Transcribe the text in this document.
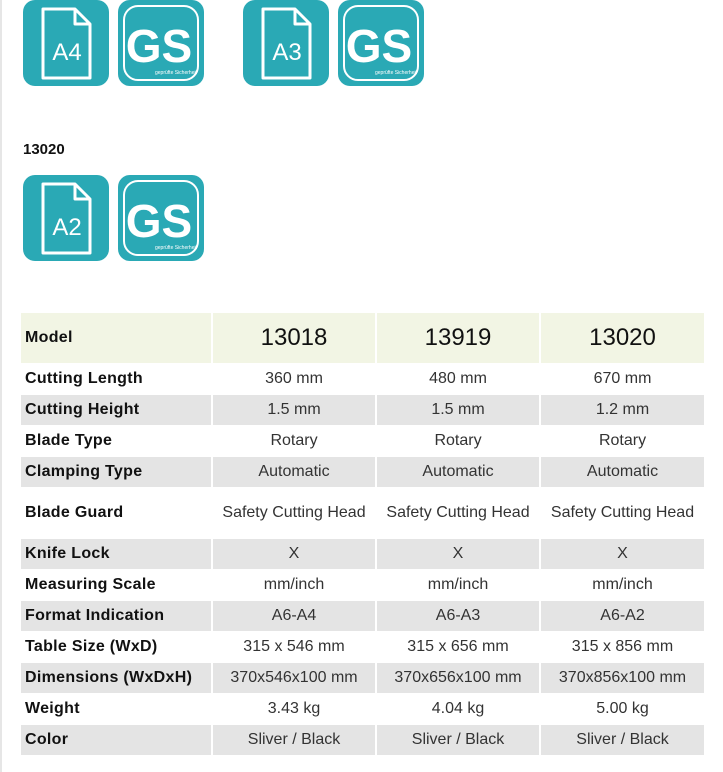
A4 GS
geprüfte Sicherheit
A3 GS
geprüfte Sicherheit
13020
A2 GS
geprüfte Sicherheit
Model	13018	13919	13020
Cutting Length	360 mm	480 mm	670 mm
Cutting Height	1.5 mm	1.5 mm	1.2 mm
Blade Type	Rotary	Rotary	Rotary
Clamping Type	Automatic	Automatic	Automatic
Blade Guard	Safety Cutting Head	Safety Cutting Head	Safety Cutting Head
Knife Lock	X	X	X
Measuring Scale	mm/inch	mm/inch	mm/inch
Format Indication	A6-A4	A6-A3	A6-A2
Table Size (WxD)	315 x 546 mm	315 x 656 mm	315 x 856 mm
Dimensions (WxDxH)	370x546x100 mm	370x656x100 mm	370x856x100 mm
Weight	3.43 kg	4.04 kg	5.00 kg
Color	Sliver / Black	Sliver / Black	Sliver / Black
